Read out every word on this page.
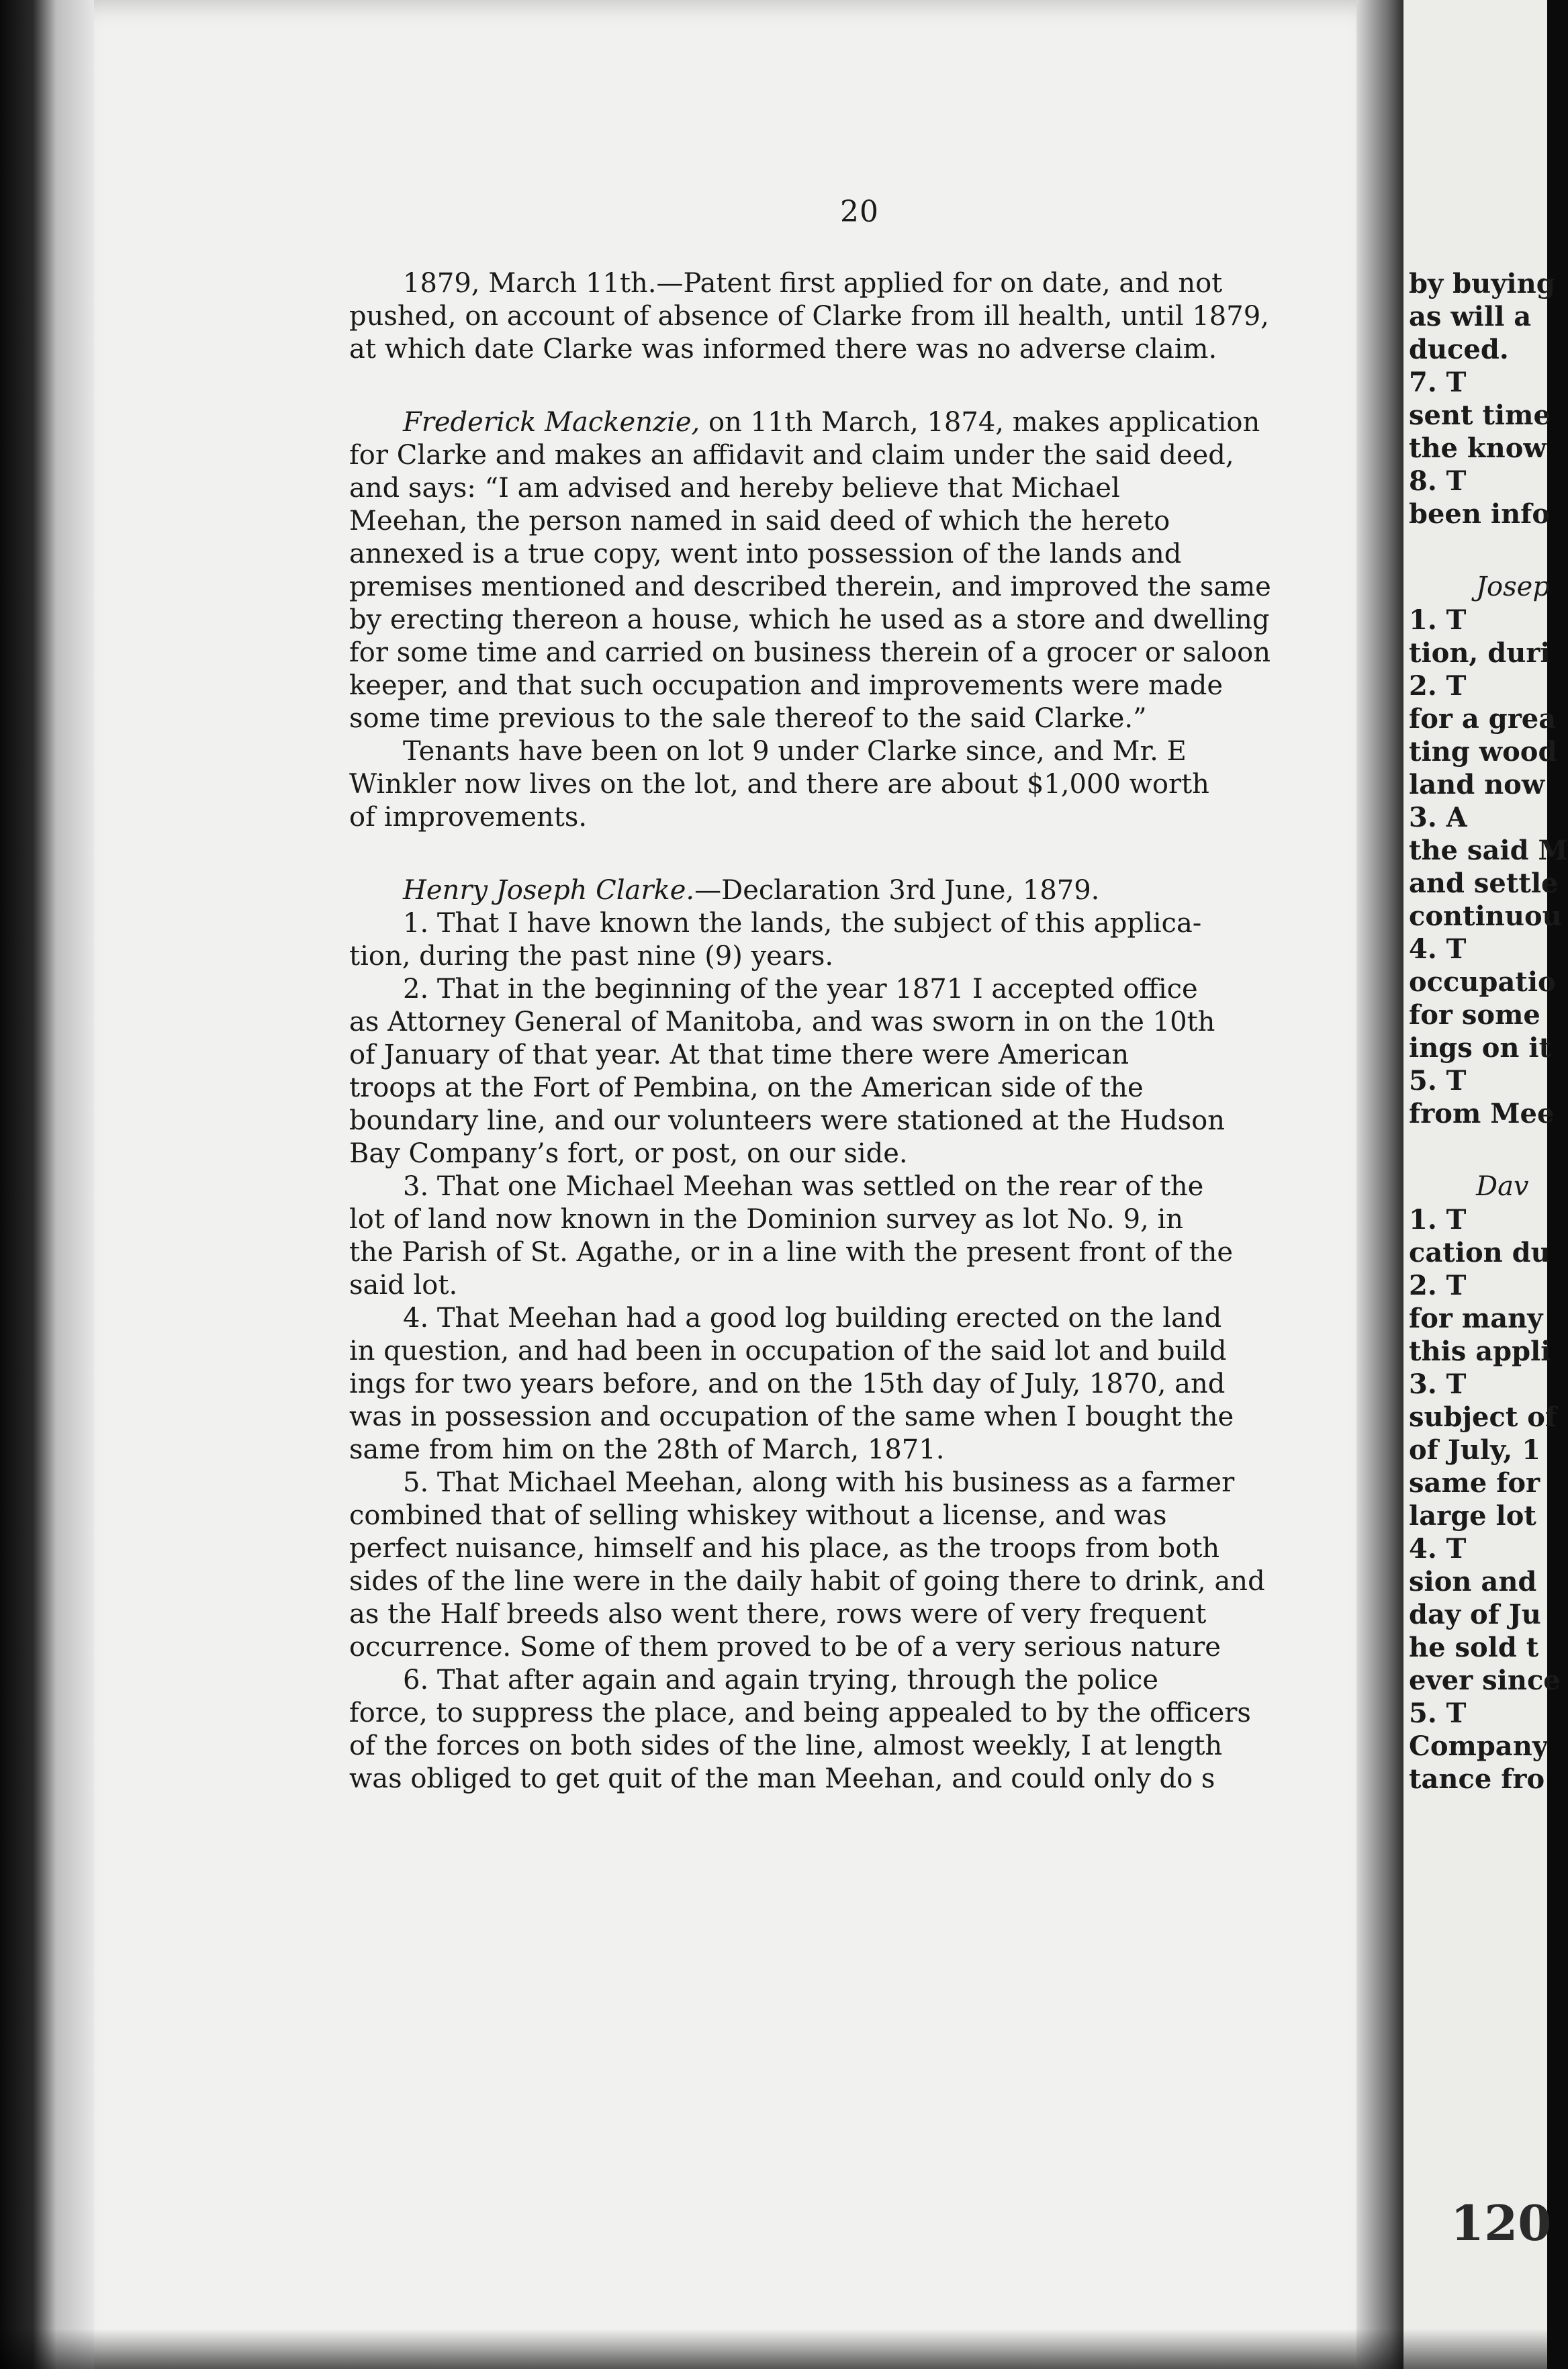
20

1879, March 11th.—Patent first applied for on date, and not

pushed, on account of absence of Clarke from ill health, until 1879,

at which date Clarke was informed there was no adverse claim.

Frederick Mackenzie, on 11th March, 1874, makes application

for Clarke and makes an affidavit and claim under the said deed,

and says: “I am advised and hereby believe that Michael

Meehan, the person named in said deed of which the hereto

annexed is a true copy, went into possession of the lands and

premises mentioned and described therein, and improved the same

by erecting thereon a house, which he used as a store and dwelling

for some time and carried on business therein of a grocer or saloon

keeper, and that such occupation and improvements were made

some time previous to the sale thereof to the said Clarke.”

Tenants have been on lot 9 under Clarke since, and Mr. E

Winkler now lives on the lot, and there are about $1,000 worth

of improvements.

Henry Joseph Clarke.—Declaration 3rd June, 1879.

1. That I have known the lands, the subject of this applica-

tion, during the past nine (9) years.

2. That in the beginning of the year 1871 I accepted office

as Attorney General of Manitoba, and was sworn in on the 10th

of January of that year. At that time there were American

troops at the Fort of Pembina, on the American side of the

boundary line, and our volunteers were stationed at the Hudson

Bay Company’s fort, or post, on our side.

3. That one Michael Meehan was settled on the rear of the

lot of land now known in the Dominion survey as lot No. 9, in

the Parish of St. Agathe, or in a line with the present front of the

said lot.

4. That Meehan had a good log building erected on the land

in question, and had been in occupation of the said lot and build

ings for two years before, and on the 15th day of July, 1870, and

was in possession and occupation of the same when I bought the

same from him on the 28th of March, 1871.

5. That Michael Meehan, along with his business as a farmer

combined that of selling whiskey without a license, and was

perfect nuisance, himself and his place, as the troops from both

sides of the line were in the daily habit of going there to drink, and

as the Half breeds also went there, rows were of very frequent

occurrence. Some of them proved to be of a very serious nature

6. That after again and again trying, through the police

force, to suppress the place, and being appealed to by the officers

of the forces on both sides of the line, almost weekly, I at length

was obliged to get quit of the man Meehan, and could only do s

by buying

as will a

duced.

7. T

sent time

the know

8. T

been info

Josep

1. T

tion, duri

2. T

for a grea

ting wood

land now

3. A

the said M

and settle

continuou

4. T

occupatio

for some

ings on it

5. T

from Mee

Dav

1. T

cation du

2. T

for many

this appli

3. T

subject of

of July, 1

same for

large lot

4. T

sion and

day of Ju

he sold t

ever since

5. T

Company

tance fro

120
